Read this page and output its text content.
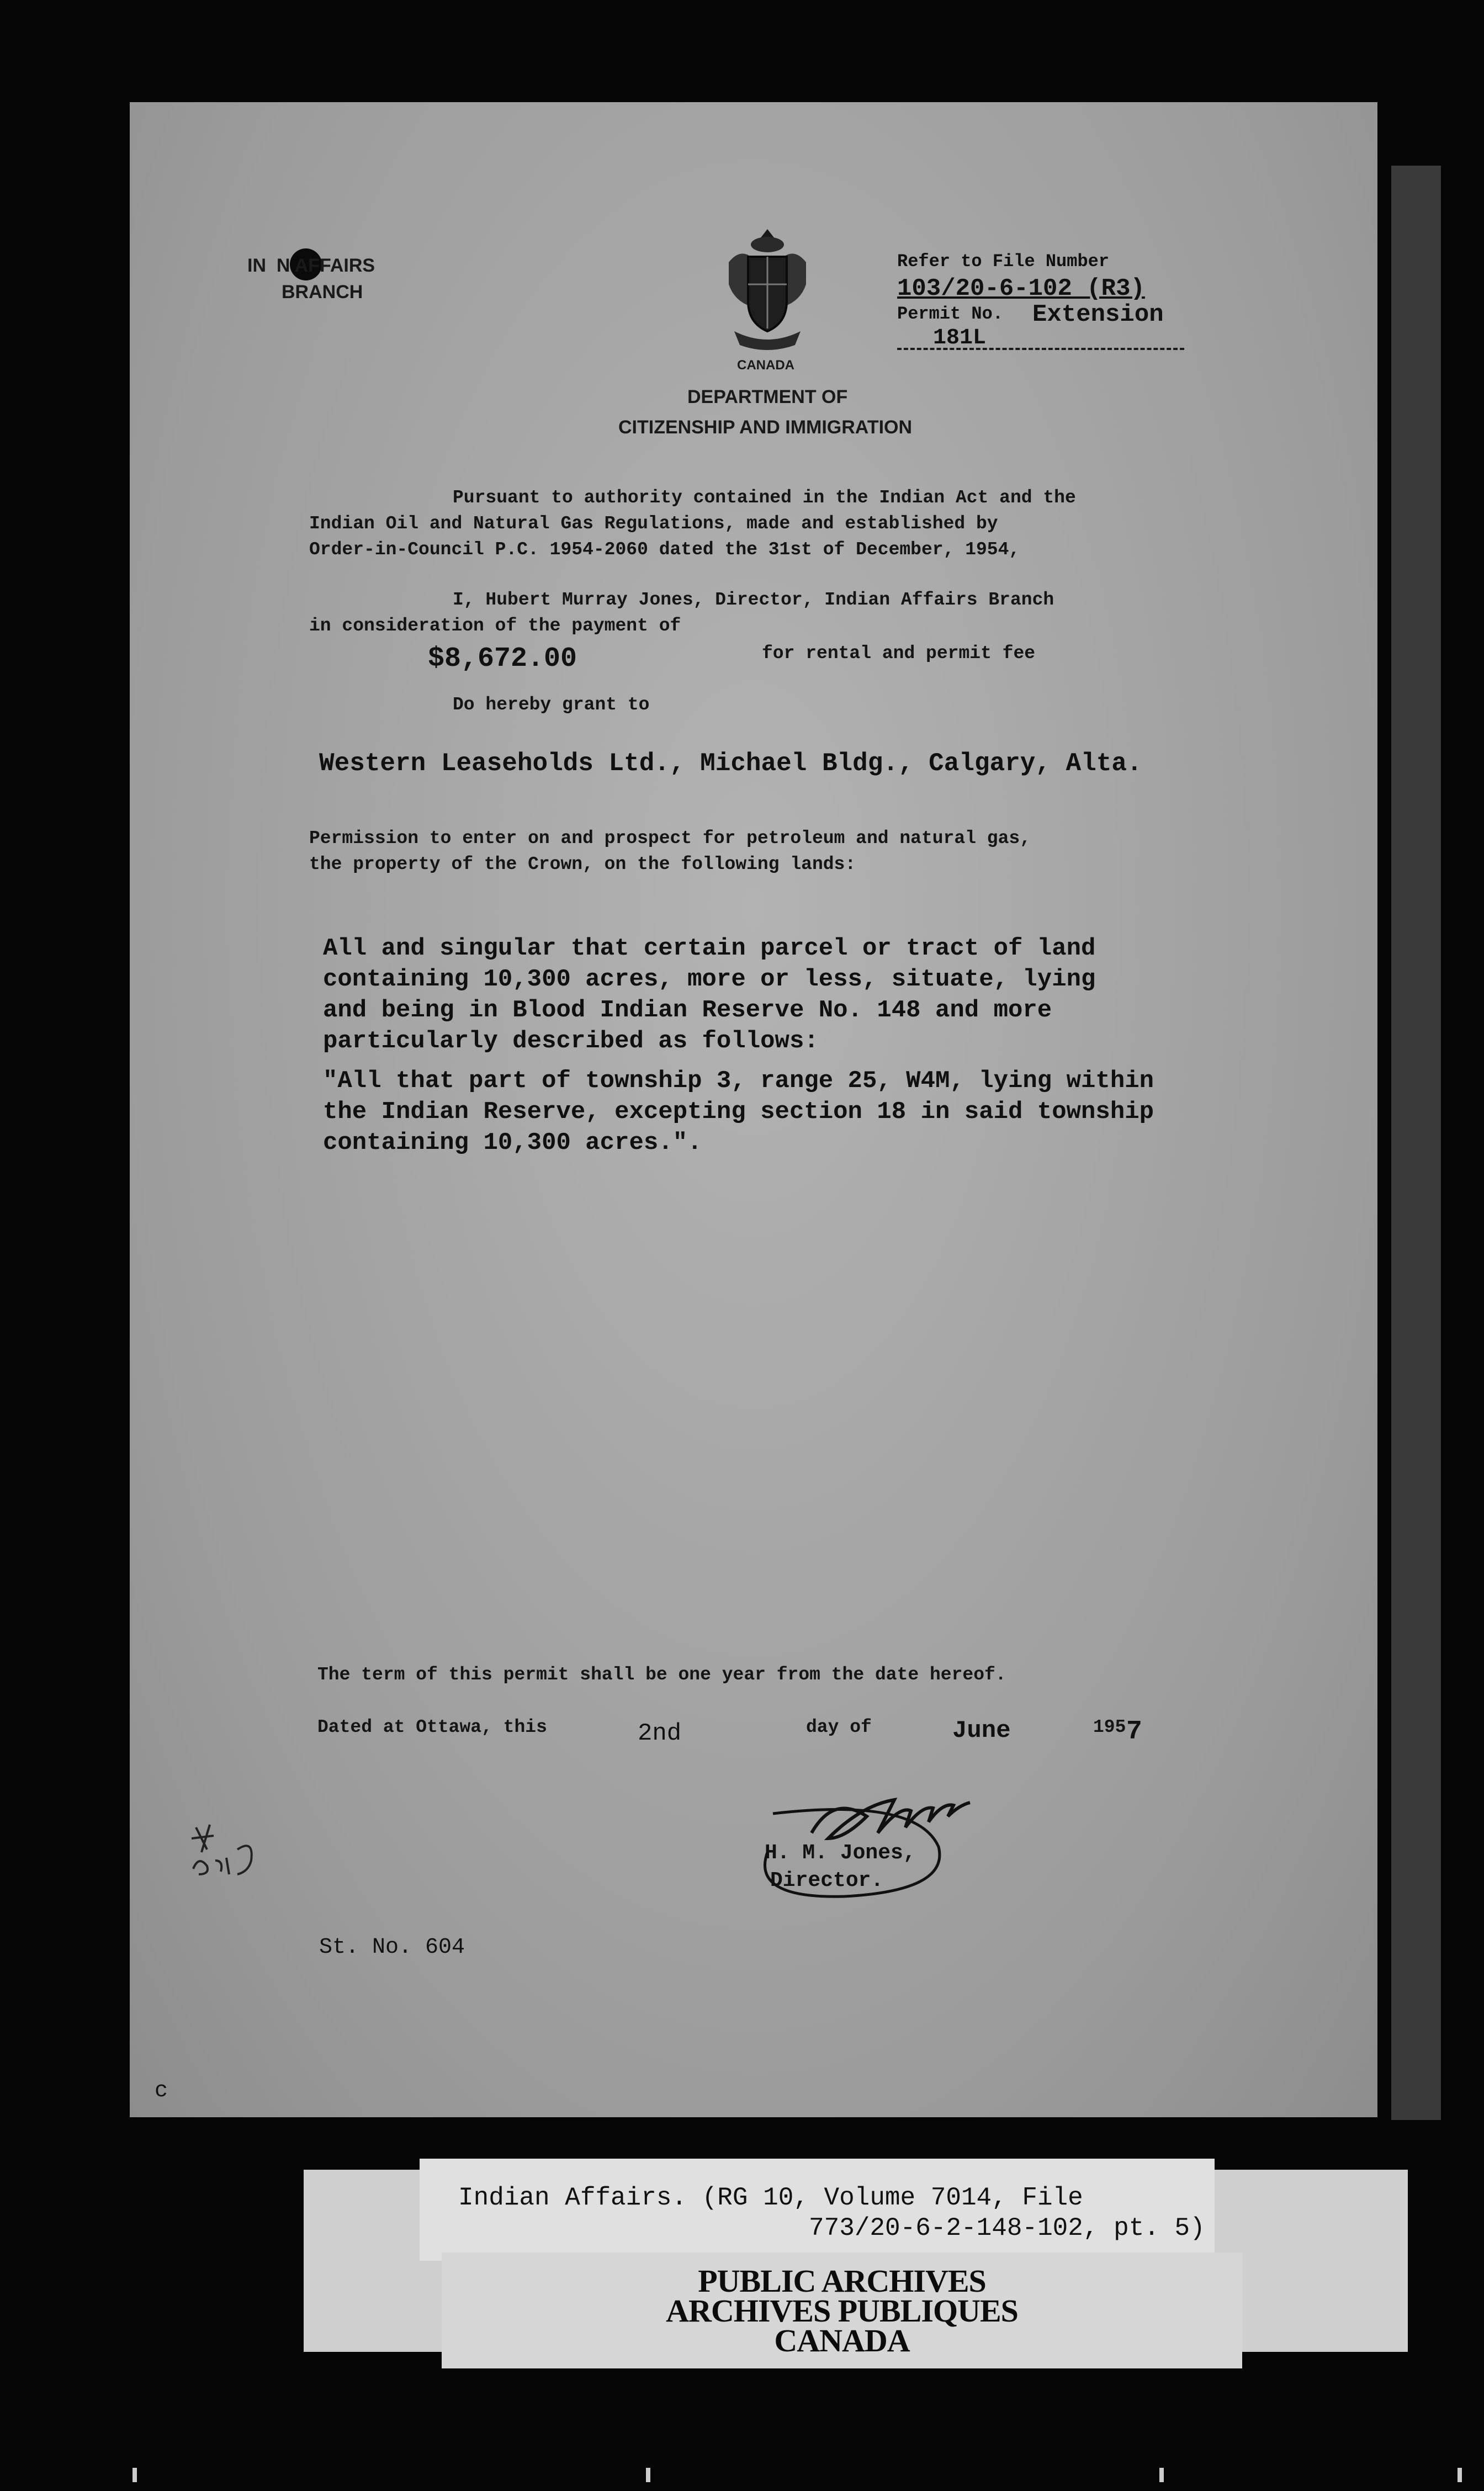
IN  N AFFAIRS
BRANCH
CANADA
DEPARTMENT OF
CITIZENSHIP AND IMMIGRATION
Refer to File Number
103/20-6-102 (R3)
Permit No. Extension
181L
Pursuant to authority contained in the Indian Act and the
Indian Oil and Natural Gas Regulations, made and established by
Order-in-Council P.C. 1954-2060 dated the 31st of December, 1954,
I, Hubert Murray Jones, Director, Indian Affairs Branch
in consideration of the payment of
$8,672.00	for rental and permit fee
Do hereby grant to
Western Leaseholds Ltd., Michael Bldg., Calgary, Alta.
Permission to enter on and prospect for petroleum and natural gas,
the property of the Crown, on the following lands:
All and singular that certain parcel or tract of land
containing 10,300 acres, more or less, situate, lying
and being in Blood Indian Reserve No. 148 and more
particularly described as follows:
"All that part of township 3, range 25, W4M, lying within
the Indian Reserve, excepting section 18 in said township
containing 10,300 acres.".
The term of this permit shall be one year from the date hereof.
Dated at Ottawa, this	2nd	day of	June	195 7
H. M. Jones,
Director.
St. No. 604
c
Indian Affairs. (RG 10, Volume 7014, File
773/20-6-2-148-102, pt. 5)
PUBLIC ARCHIVES
ARCHIVES PUBLIQUES
CANADA
